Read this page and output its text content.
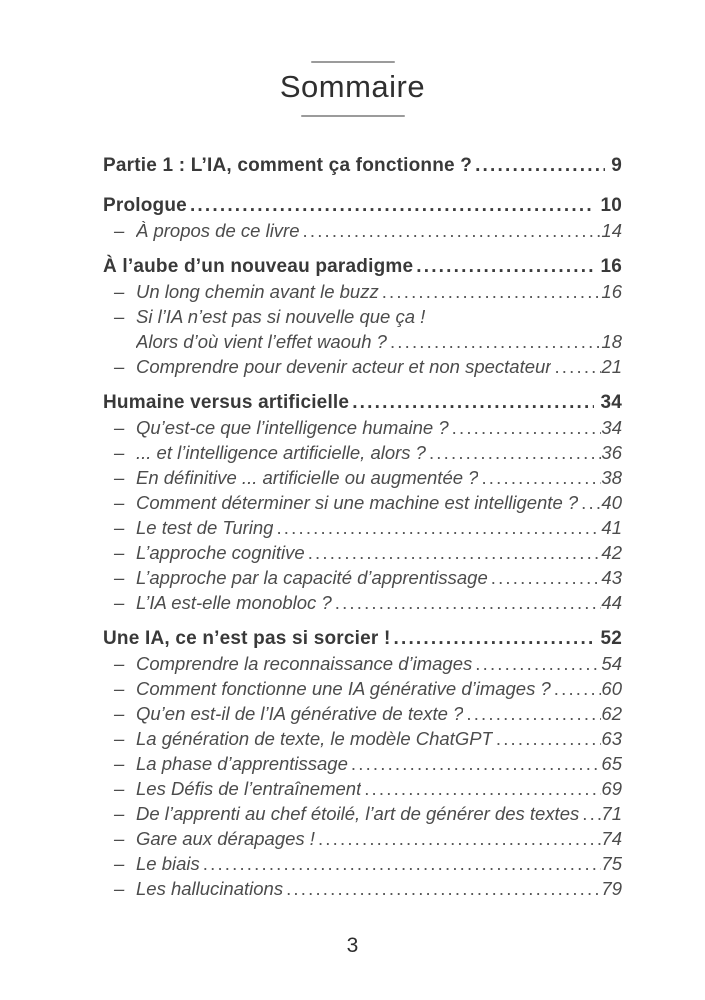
Sommaire
Partie 1 : L’IA, comment ça fonctionne ? .....	9
Prologue .....	10
– À propos de ce livre .....	14
À l’aube d’un nouveau paradigme .....	16
– Un long chemin avant le buzz .....	16
– Si l’IA n’est pas si nouvelle que ça !
Alors d’où vient l’effet waouh ? .....	18
– Comprendre pour devenir acteur et non spectateur .....	21
Humaine versus artificielle .....	34
– Qu’est-ce que l’intelligence humaine ? .....	34
– ... et l’intelligence artificielle, alors ? .....	36
– En définitive ... artificielle ou augmentée ? .....	38
– Comment déterminer si une machine est intelligente ? ..... 40
– Le test de Turing .....	41
– L’approche cognitive .....	42
– L’approche par la capacité d’apprentissage .....	43
– L’IA est-elle monobloc ? .....	44
Une IA, ce n’est pas si sorcier ! .....	52
– Comprendre la reconnaissance d’images .....	54
– Comment fonctionne une IA générative d’images ? .....	60
– Qu’en est-il de l’IA générative de texte ? .....	62
– La génération de texte, le modèle ChatGPT .....	63
– La phase d’apprentissage .....	65
– Les Défis de l’entraînement .....	69
– De l’apprenti au chef étoilé, l’art de générer des textes ..... 71
– Gare aux dérapages ! .....	74
– Le biais .....	75
– Les hallucinations .....	79
3
